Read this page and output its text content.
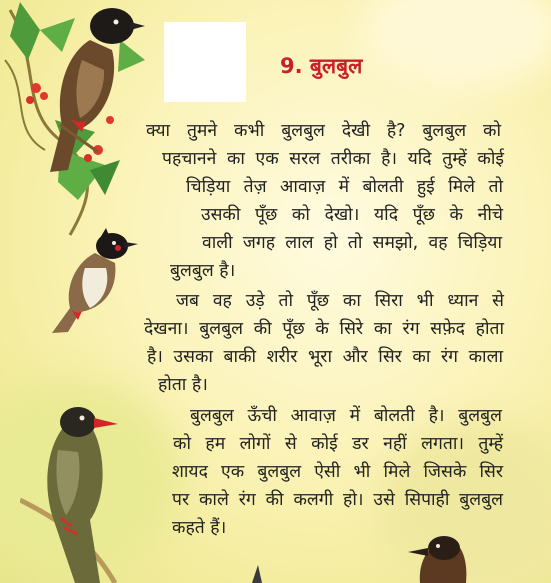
9. बुलबुल
क्या तुमने कभी बुलबुल देखी है? बुलबुल को
पहचानने का एक सरल तरीका है। यदि तुम्हें कोई
चिड़िया तेज़ आवाज़ में बोलती हुई मिले तो
उसकी पूँछ को देखो। यदि पूँछ के नीचे
वाली जगह लाल हो तो समझो, वह चिड़िया
बुलबुल है।
जब वह उड़े तो पूँछ का सिरा भी ध्यान से
देखना। बुलबुल की पूँछ के सिरे का रंग सफ़ेद होता
है। उसका बाकी शरीर भूरा और सिर का रंग काला
होता है।
बुलबुल ऊँची आवाज़ में बोलती है। बुलबुल
को हम लोगों से कोई डर नहीं लगता। तुम्हें
शायद एक बुलबुल ऐसी भी मिले जिसके सिर
पर काले रंग की कलगी हो। उसे सिपाही बुलबुल
कहते हैं।
